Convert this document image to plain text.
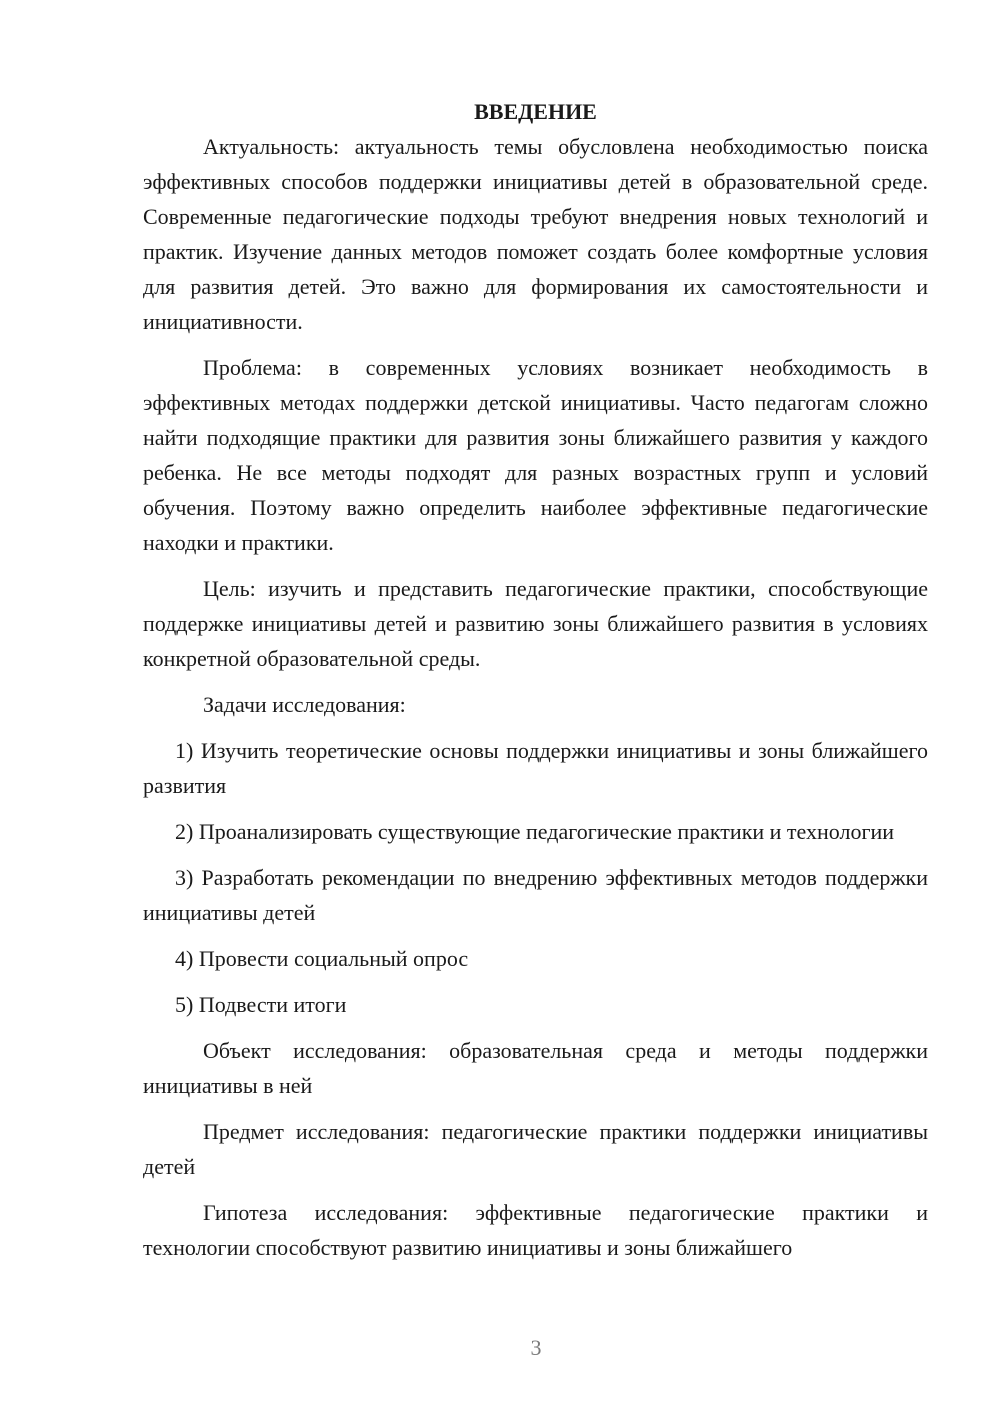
ВВЕДЕНИЕ

Актуальность: актуальность темы обусловлена необходимостью поиска эффективных способов поддержки инициативы детей в образовательной среде. Современные педагогические подходы требуют внедрения новых технологий и практик. Изучение данных методов поможет создать более комфортные условия для развития детей. Это важно для формирования их самостоятельности и инициативности.

Проблема: в современных условиях возникает необходимость в эффективных методах поддержки детской инициативы. Часто педагогам сложно найти подходящие практики для развития зоны ближайшего развития у каждого ребенка. Не все методы подходят для разных возрастных групп и условий обучения. Поэтому важно определить наиболее эффективные педагогические находки и практики.

Цель: изучить и представить педагогические практики, способствующие поддержке инициативы детей и развитию зоны ближайшего развития в условиях конкретной образовательной среды.

Задачи исследования:

1) Изучить теоретические основы поддержки инициативы и зоны ближайшего развития

2) Проанализировать существующие педагогические практики и технологии

3) Разработать рекомендации по внедрению эффективных методов поддержки инициативы детей

4) Провести социальный опрос

5) Подвести итоги

Объект исследования: образовательная среда и методы поддержки инициативы в ней

Предмет исследования: педагогические практики поддержки инициативы детей

Гипотеза исследования: эффективные педагогические практики и технологии способствуют развитию инициативы и зоны ближайшего

3
